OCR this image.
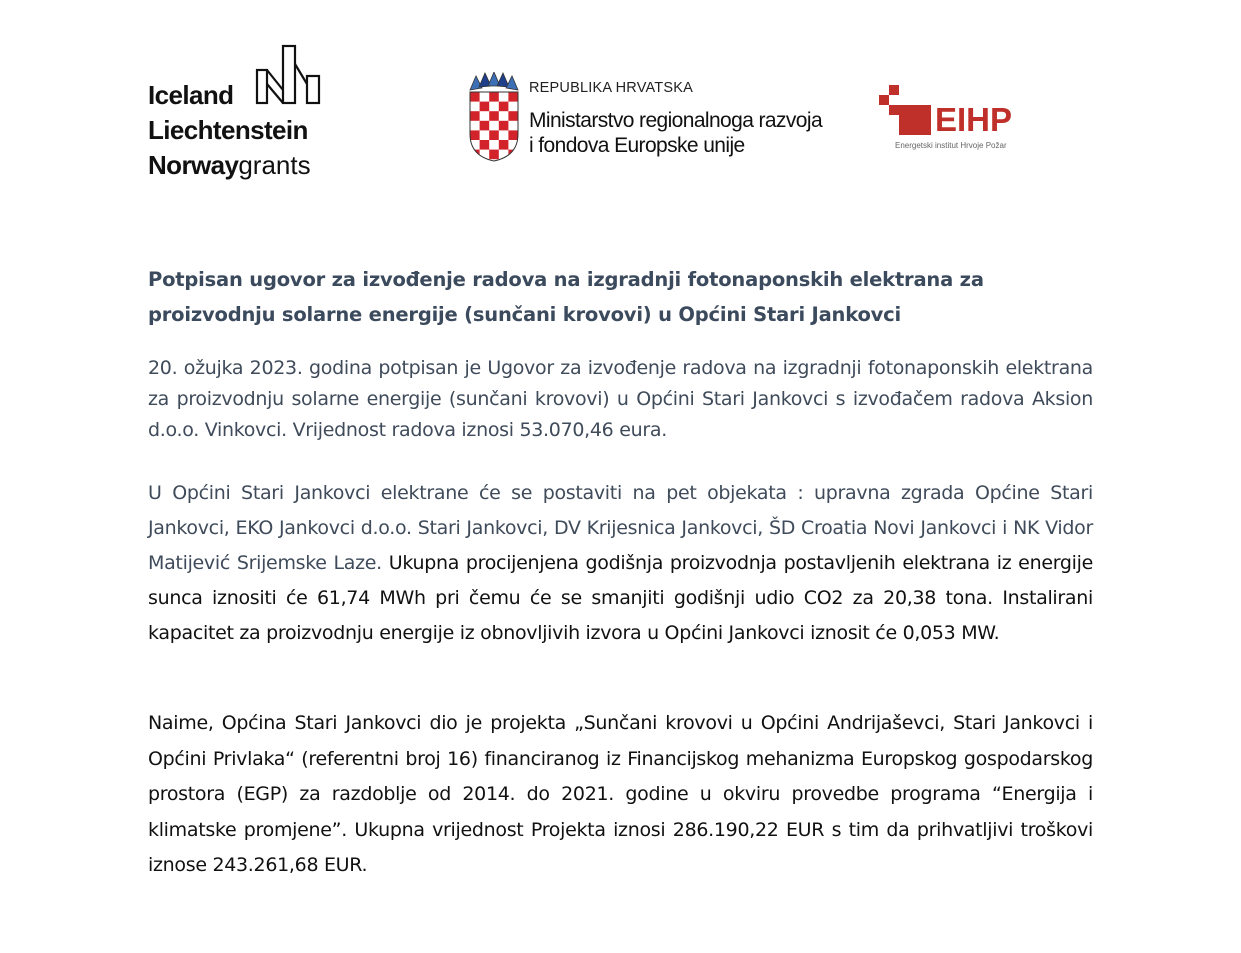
Iceland
Liechtenstein
Norwaygrants
REPUBLIKA HRVATSKA
Ministarstvo regionalnoga razvoja
i fondova Europske unije
EIHP
Energetski institut Hrvoje Požar
Potpisan ugovor za izvođenje radova na izgradnji fotonaponskih elektrana za proizvodnju solarne energije (sunčani krovovi) u Općini Stari Jankovci

20. ožujka 2023. godina potpisan je Ugovor za izvođenje radova na izgradnji fotonaponskih elektrana za proizvodnju solarne energije (sunčani krovovi) u Općini Stari Jankovci s izvođačem radova Aksion d.o.o. Vinkovci. Vrijednost radova iznosi 53.070,46 eura.

U Općini Stari Jankovci elektrane će se postaviti na pet objekata : upravna zgrada Općine Stari Jankovci, EKO Jankovci d.o.o. Stari Jankovci, DV Krijesnica Jankovci, ŠD Croatia Novi Jankovci i NK Vidor Matijević Srijemske Laze. Ukupna procijenjena godišnja proizvodnja postavljenih elektrana iz energije sunca iznositi će 61,74 MWh pri čemu će se smanjiti godišnji udio CO2 za 20,38 tona. Instalirani kapacitet za proizvodnju energije iz obnovljivih izvora u Općini Jankovci iznosit će 0,053 MW.

Naime, Općina Stari Jankovci dio je projekta „Sunčani krovovi u Općini Andrijaševci, Stari Jankovci i Općini Privlaka“ (referentni broj 16) financiranog iz Financijskog mehanizma Europskog gospodarskog prostora (EGP) za razdoblje od 2014. do 2021. godine u okviru provedbe programa “Energija i klimatske promjene”. Ukupna vrijednost Projekta iznosi 286.190,22 EUR s tim da prihvatljivi troškovi iznose 243.261,68 EUR.
